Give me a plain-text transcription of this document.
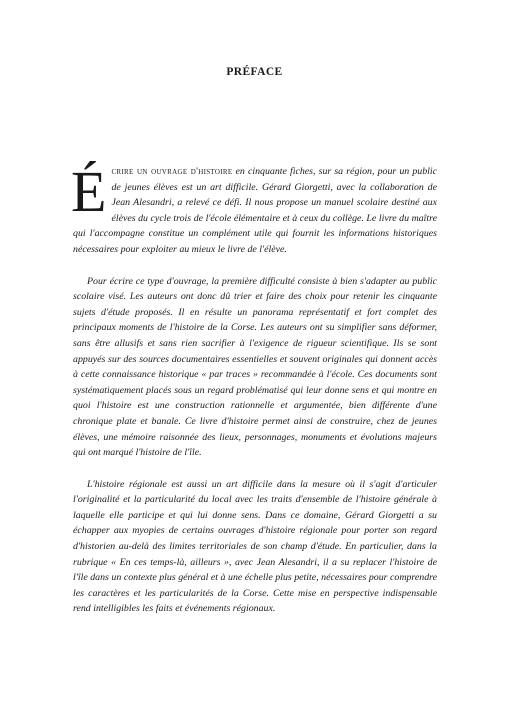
PRÉFACE

Écrire un ouvrage d'histoire en cinquante fiches, sur sa région, pour un public de jeunes élèves est un art difficile. Gérard Giorgetti, avec la collaboration de Jean Alesandri, a relevé ce défi. Il nous propose un manuel scolaire destiné aux élèves du cycle trois de l'école élémentaire et à ceux du collège. Le livre du maître qui l'accompagne constitue un complément utile qui fournit les informations historiques nécessaires pour exploiter au mieux le livre de l'élève.

Pour écrire ce type d'ouvrage, la première difficulté consiste à bien s'adapter au public scolaire visé. Les auteurs ont donc dû trier et faire des choix pour retenir les cinquante sujets d'étude proposés. Il en résulte un panorama représentatif et fort complet des principaux moments de l'histoire de la Corse. Les auteurs ont su simplifier sans déformer, sans être allusifs et sans rien sacrifier à l'exigence de rigueur scientifique. Ils se sont appuyés sur des sources documentaires essentielles et souvent originales qui donnent accès à cette connaissance historique « par traces » recommandée à l'école. Ces documents sont systématiquement placés sous un regard problématisé qui leur donne sens et qui montre en quoi l'histoire est une construction rationnelle et argumentée, bien différente d'une chronique plate et banale. Ce livre d'histoire permet ainsi de construire, chez de jeunes élèves, une mémoire raisonnée des lieux, personnages, monuments et évolutions majeurs qui ont marqué l'histoire de l'île.

L'histoire régionale est aussi un art difficile dans la mesure où il s'agit d'articuler l'originalité et la particularité du local avec les traits d'ensemble de l'histoire générale à laquelle elle participe et qui lui donne sens. Dans ce domaine, Gérard Giorgetti a su échapper aux myopies de certains ouvrages d'histoire régionale pour porter son regard d'historien au-delà des limites territoriales de son champ d'étude. En particulier, dans la rubrique « En ces temps-là, ailleurs », avec Jean Alesandri, il a su replacer l'histoire de l'île dans un contexte plus général et à une échelle plus petite, nécessaires pour comprendre les caractères et les particularités de la Corse. Cette mise en perspective indispensable rend intelligibles les faits et événements régionaux.
